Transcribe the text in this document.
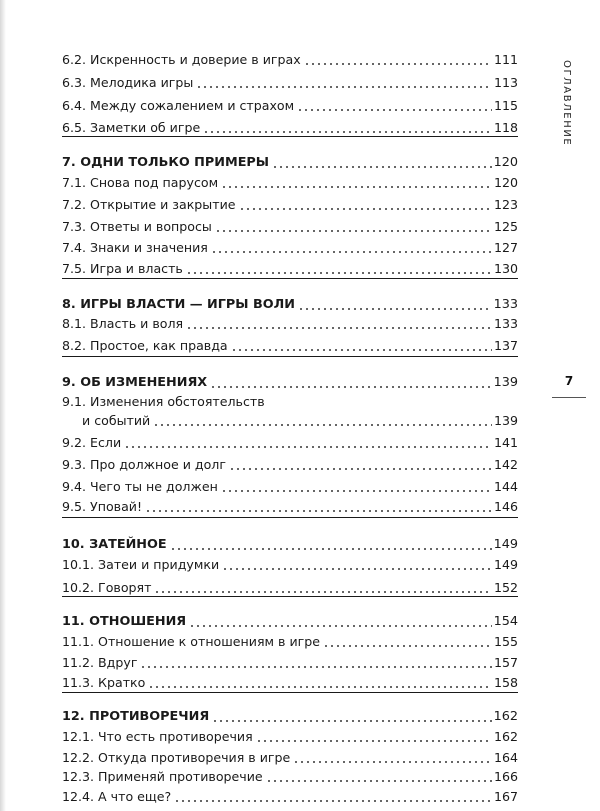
6.2. Искренность и доверие в играх	111
6.3. Мелодика игры	113
6.4. Между сожалением и страхом	115
6.5. Заметки об игре	118
7. ОДНИ ТОЛЬКО ПРИМЕРЫ	120
7.1. Снова под парусом	120
7.2. Открытие и закрытие	123
7.3. Ответы и вопросы	125
7.4. Знаки и значения	127
7.5. Игра и власть	130
8. ИГРЫ ВЛАСТИ — ИГРЫ ВОЛИ	133
8.1. Власть и воля	133
8.2. Простое, как правда	137
9. ОБ ИЗМЕНЕНИЯХ	139
9.1. Изменения обстоятельств
и событий	139
9.2. Если	141
9.3. Про должное и долг	142
9.4. Чего ты не должен	144
9.5. Уповай!	146
10. ЗАТЕЙНОЕ	149
10.1. Затеи и придумки	149
10.2. Говорят	152
11. ОТНОШЕНИЯ	154
11.1. Отношение к отношениям в игре	155
11.2. Вдруг	157
11.3. Кратко	158
12. ПРОТИВОРЕЧИЯ	162
12.1. Что есть противоречия	162
12.2. Откуда противоречия в игре	164
12.3. Применяй противоречие	166
12.4. А что еще?	167
ОГЛАВЛЕНИЕ
7
